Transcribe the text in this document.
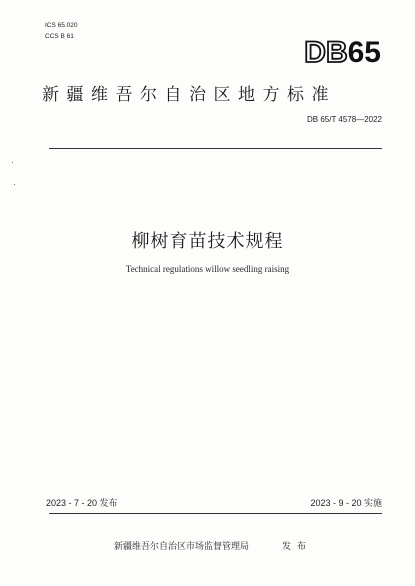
ICS 65.020
CCS B 61	DB65
新疆维吾尔自治区地方标准
DB 65/T 4578—2022
柳树育苗技术规程
Technical regulations willow seedling raising
2023 - 7 - 20 发布	2023 - 9 - 20 实施
新疆维吾尔自治区市场监督管理局	发布
